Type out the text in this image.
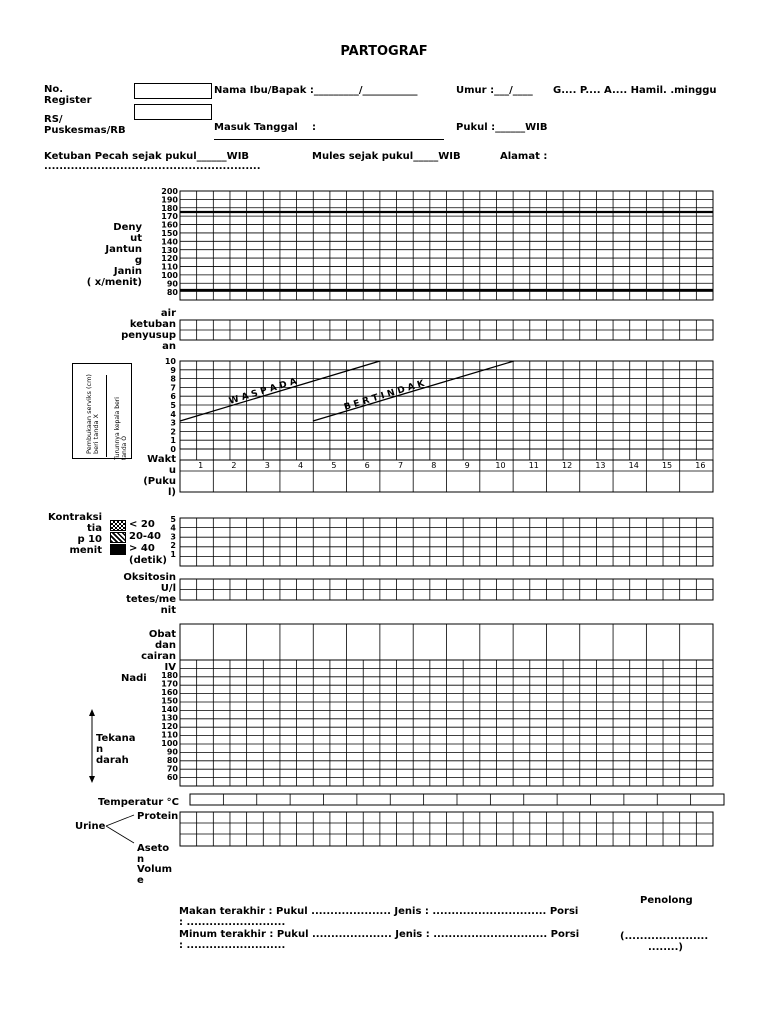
PARTOGRAF
No. Register
Nama Ibu/Bapak :_________/___________	Umur :___/____ G.... P.... A.... Hamil. .minggu
RS/ Puskesmas/RB	Masuk Tanggal :	Pukul :______WIB
Ketuban Pecah sejak pukul______WIB	Mules sejak pukul_____WIB	Alamat :
.........................................................
Deny
ut
Jantun
g
Janin
( x/menit)
air
ketuban
penyusup
an
Wakt
u
(Puku
l)
Kontraksi
tia
p 10
menit
< 20
20-40
> 40
(detik)
Oksitosin
U/l
tetes/me
nit
Obat
dan
cairan
IV
Nadi
Tekana
n
darah
Temperatur °C
Urine
Protein
Aseto
n
Volum
e
Pembukaan serviks (cm) beri tanda X Turunnya kepala beri tanda O
Penolong
Makan terakhir : Pukul ..................... Jenis : .............................. Porsi
: ..........................
Minum terakhir : Pukul ..................... Jenis : .............................. Porsi
: ..........................
(......................
........)
200
190
180
170
160
150
140
130
120
110
100
90
80
10
9
8
7
6
5
4
3
2
1
0
W A S P A D A	B E R T I N D A K
1	2	3	4	5	6	7	8	9	10	11	12	13	14	15	16
5
4
3
2
1
180
170
160
150
140
130
120
110
100
90
80
70
60
